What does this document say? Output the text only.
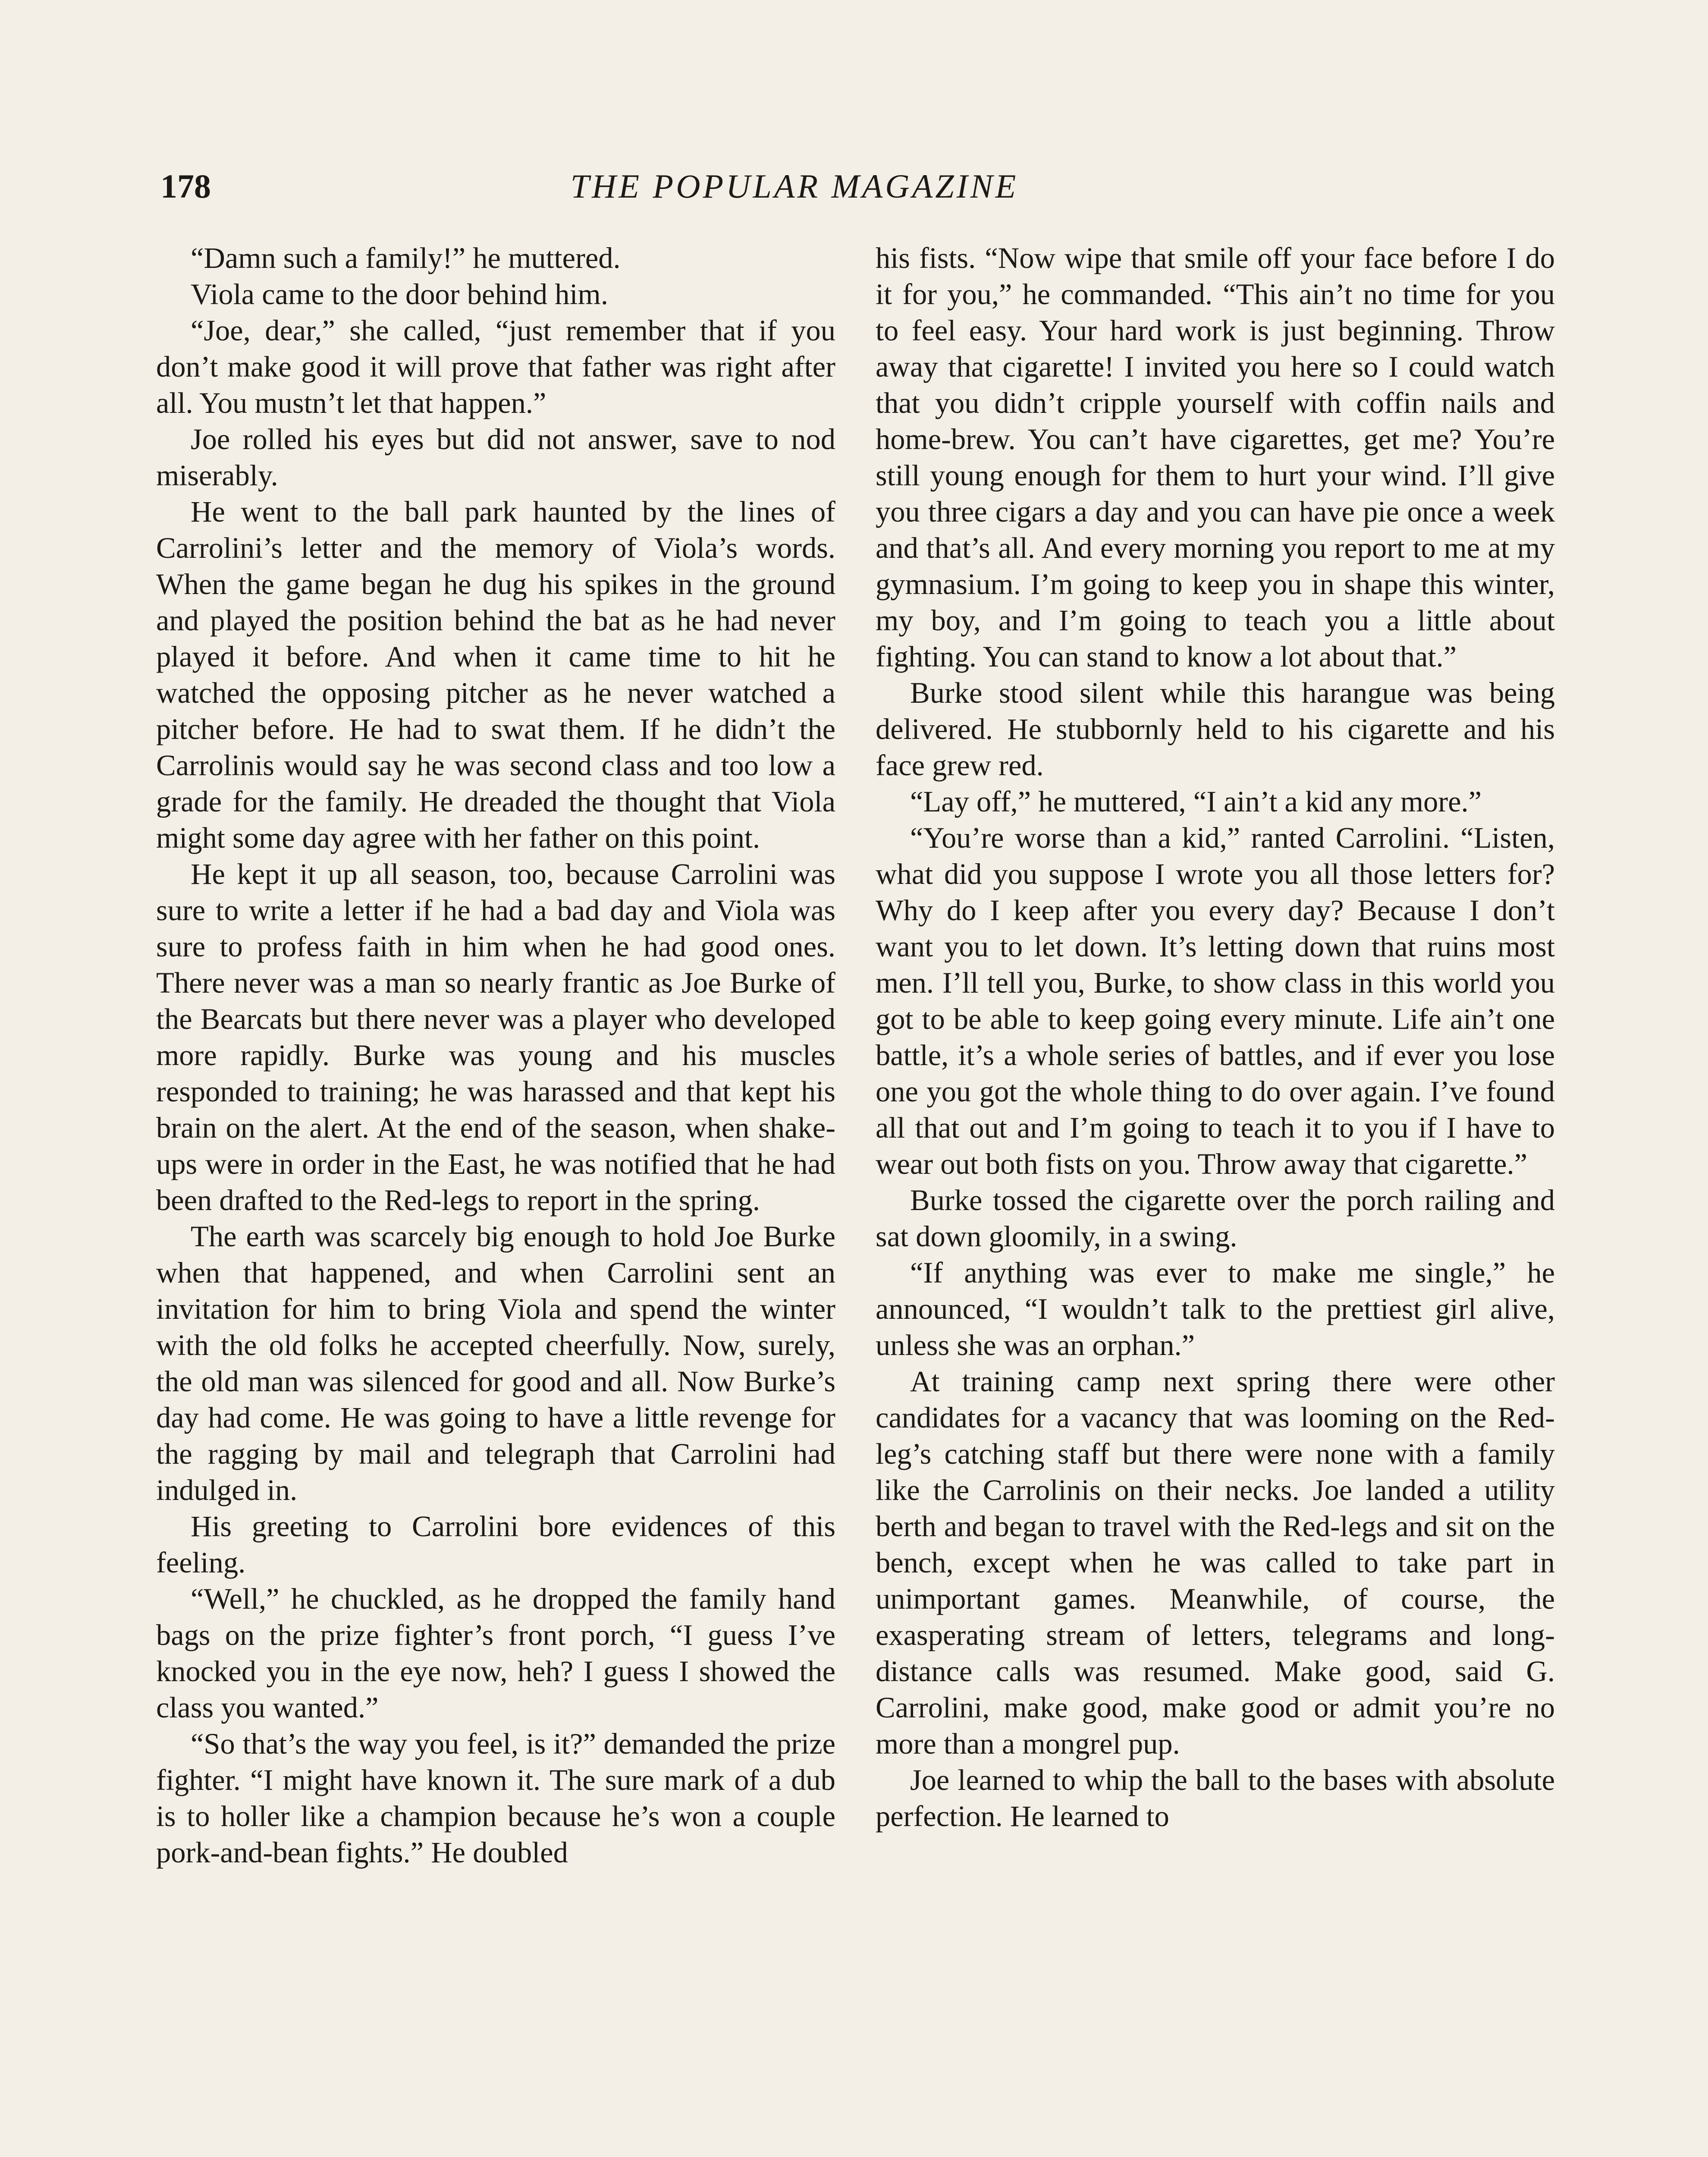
178	THE POPULAR MAGAZINE

“Damn such a family!” he muttered.

Viola came to the door behind him.

“Joe, dear,” she called, “just remember that if you don’t make good it will prove that father was right after all. You mustn’t let that happen.”

Joe rolled his eyes but did not answer, save to nod miserably.

He went to the ball park haunted by the lines of Carrolini’s letter and the memory of Viola’s words. When the game began he dug his spikes in the ground and played the position behind the bat as he had never played it before. And when it came time to hit he watched the opposing pitcher as he never watched a pitcher before. He had to swat them. If he didn’t the Carrolinis would say he was second class and too low a grade for the family. He dreaded the thought that Viola might some day agree with her father on this point.

He kept it up all season, too, because Carrolini was sure to write a letter if he had a bad day and Viola was sure to profess faith in him when he had good ones. There never was a man so nearly frantic as Joe Burke of the Bearcats but there never was a player who developed more rapidly. Burke was young and his muscles responded to training; he was harassed and that kept his brain on the alert. At the end of the season, when shake-ups were in order in the East, he was notified that he had been drafted to the Red-legs to report in the spring.

The earth was scarcely big enough to hold Joe Burke when that happened, and when Carrolini sent an invitation for him to bring Viola and spend the winter with the old folks he accepted cheerfully. Now, surely, the old man was silenced for good and all. Now Burke’s day had come. He was going to have a little revenge for the ragging by mail and telegraph that Carrolini had indulged in.

His greeting to Carrolini bore evidences of this feeling.

“Well,” he chuckled, as he dropped the family hand bags on the prize fighter’s front porch, “I guess I’ve knocked you in the eye now, heh? I guess I showed the class you wanted.”

“So that’s the way you feel, is it?” demanded the prize fighter. “I might have known it. The sure mark of a dub is to holler like a champion because he’s won a couple pork-and-bean fights.” He doubled

his fists. “Now wipe that smile off your face before I do it for you,” he commanded. “This ain’t no time for you to feel easy. Your hard work is just beginning. Throw away that cigarette! I invited you here so I could watch that you didn’t cripple yourself with coffin nails and home-brew. You can’t have cigarettes, get me? You’re still young enough for them to hurt your wind. I’ll give you three cigars a day and you can have pie once a week and that’s all. And every morning you report to me at my gymnasium. I’m going to keep you in shape this winter, my boy, and I’m going to teach you a little about fighting. You can stand to know a lot about that.”

Burke stood silent while this harangue was being delivered. He stubbornly held to his cigarette and his face grew red.

“Lay off,” he muttered, “I ain’t a kid any more.”

“You’re worse than a kid,” ranted Carrolini. “Listen, what did you suppose I wrote you all those letters for? Why do I keep after you every day? Because I don’t want you to let down. It’s letting down that ruins most men. I’ll tell you, Burke, to show class in this world you got to be able to keep going every minute. Life ain’t one battle, it’s a whole series of battles, and if ever you lose one you got the whole thing to do over again. I’ve found all that out and I’m going to teach it to you if I have to wear out both fists on you. Throw away that cigarette.”

Burke tossed the cigarette over the porch railing and sat down gloomily, in a swing.

“If anything was ever to make me single,” he announced, “I wouldn’t talk to the prettiest girl alive, unless she was an orphan.”

At training camp next spring there were other candidates for a vacancy that was looming on the Red-leg’s catching staff but there were none with a family like the Carrolinis on their necks. Joe landed a utility berth and began to travel with the Red-legs and sit on the bench, except when he was called to take part in unimportant games. Meanwhile, of course, the exasperating stream of letters, telegrams and long-distance calls was resumed. Make good, said G. Carrolini, make good, make good or admit you’re no more than a mongrel pup.

Joe learned to whip the ball to the bases with absolute perfection. He learned to
